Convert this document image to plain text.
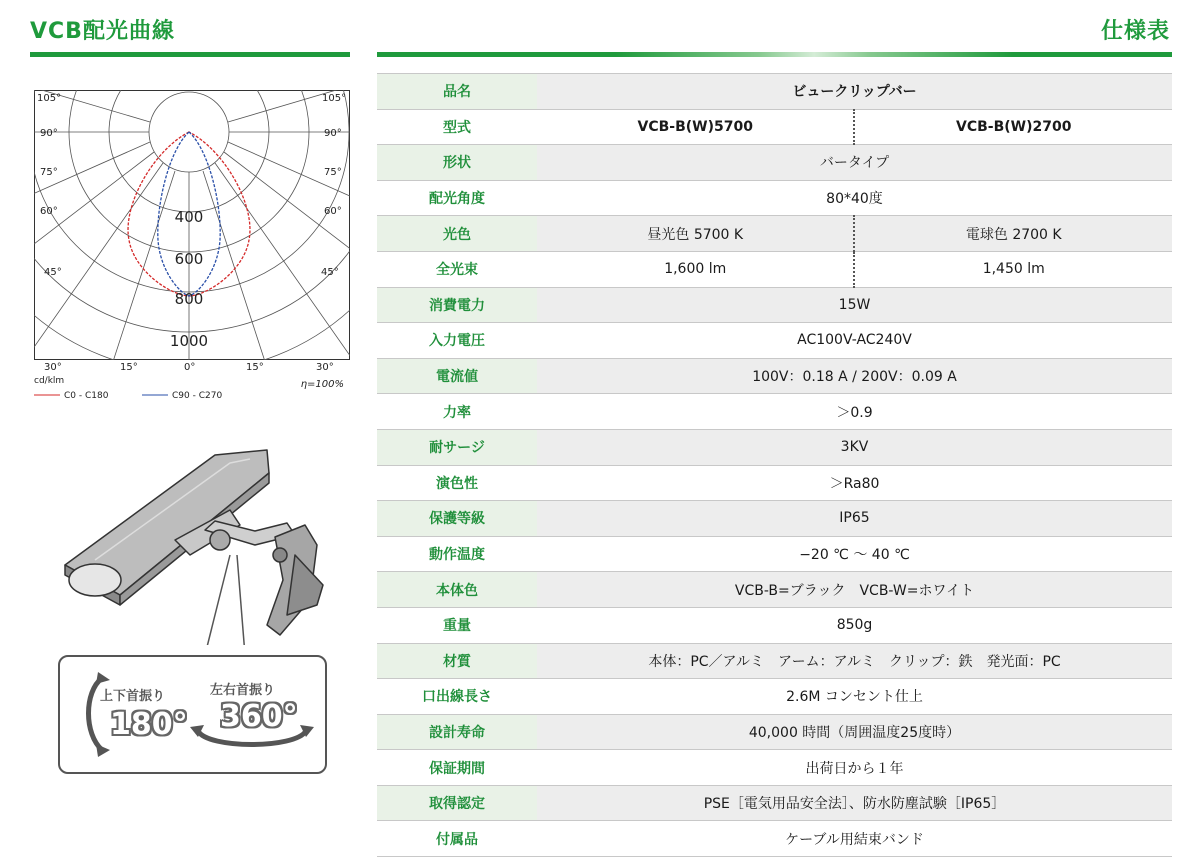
VCB配光曲線	仕様表
105°	105°
90°	90°
75°	75°
60°	60°
45°	45°
30°	15°	0°	15°	30°
400
600
800
1000
cd/klm	η=100%
C0 - C180	C90 - C270
上下首振り
180°
左右首振り
360°
品名	ビュークリップバー	
型式	VCB-B(W)5700	VCB-B(W)2700
形状	バータイプ	
配光角度	80*40度	
光色	昼光色 5700 K	電球色 2700 K
全光束	1,600 lm	1,450 lm
消費電力	15W	
入力電圧	AC100V-AC240V	
電流値	100V：0.18 A / 200V：0.09 A	
力率	＞0.9	
耐サージ	3KV	
演色性	＞Ra80	
保護等級	IP65	
動作温度	−20 ℃ ～ 40 ℃	
本体色	VCB-B=ブラック　VCB-W=ホワイト	
重量	850g	
材質	本体：PC／アルミ　アーム：アルミ　クリップ：鉄　発光面：PC	
口出線長さ	2.6M コンセント仕上	
設計寿命	40,000 時間（周囲温度25度時）	
保証期間	出荷日から１年	
取得認定	PSE［電気用品安全法］、防水防塵試験［IP65］	
付属品	ケーブル用結束バンド	
